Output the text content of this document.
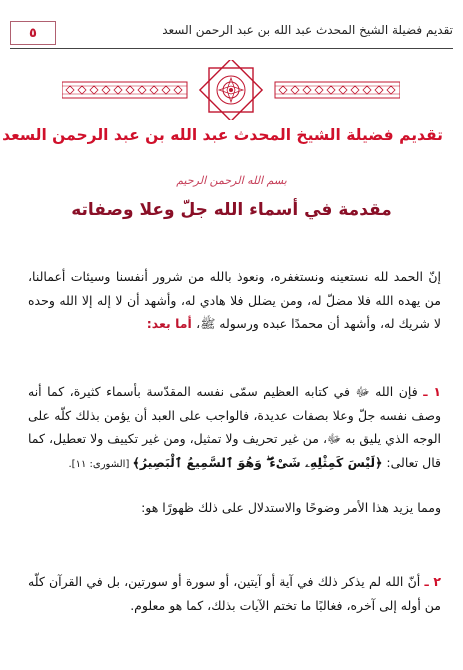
تقديم فضيلة الشيخ المحدث عبد الله بن عبد الرحمن السعد
٥
تقديم فضيلة الشيخ المحدث عبد الله بن عبد الرحمن السعد
بسم الله الرحمن الرحيم
مقدمة في أسماء الله جلّ وعلا وصفاته
إنّ الحمد لله نستعينه ونستغفره، ونعوذ بالله من شرور أنفسنا وسيئات أعمالنا، من يهده الله فلا مضلّ له، ومن يضلل فلا هادي له، وأشهد أن لا إله إلا الله وحده لا شريك له، وأشهد أن محمدًا عبده ورسوله ﷺ، أما بعد:
١ ـ فإن الله ﷻ في كتابه العظيم سمّى نفسه المقدّسة بأسماء كثيرة، كما أنه وصف نفسه جلّ وعلا بصفات عديدة، فالواجب على العبد أن يؤمن بذلك كلّه على الوجه الذي يليق به ﷻ، من غير تحريف ولا تمثيل، ومن غير تكييف ولا تعطيل، كما قال تعالى: ﴿لَيْسَ كَمِثْلِهِۦ شَىْءٌ ۖ وَهُوَ ٱلسَّمِيعُ ٱلْبَصِيرُ﴾ [الشورى: ١١].
ومما يزيد هذا الأمر وضوحًا والاستدلال على ذلك ظهورًا هو:
٢ ـ أنّ الله لم يذكر ذلك في آية أو آيتين، أو سورة أو سورتين، بل في القرآن كلّه من أوله إلى آخره، فغالبًا ما تختم الآيات بذلك، كما هو معلوم.
